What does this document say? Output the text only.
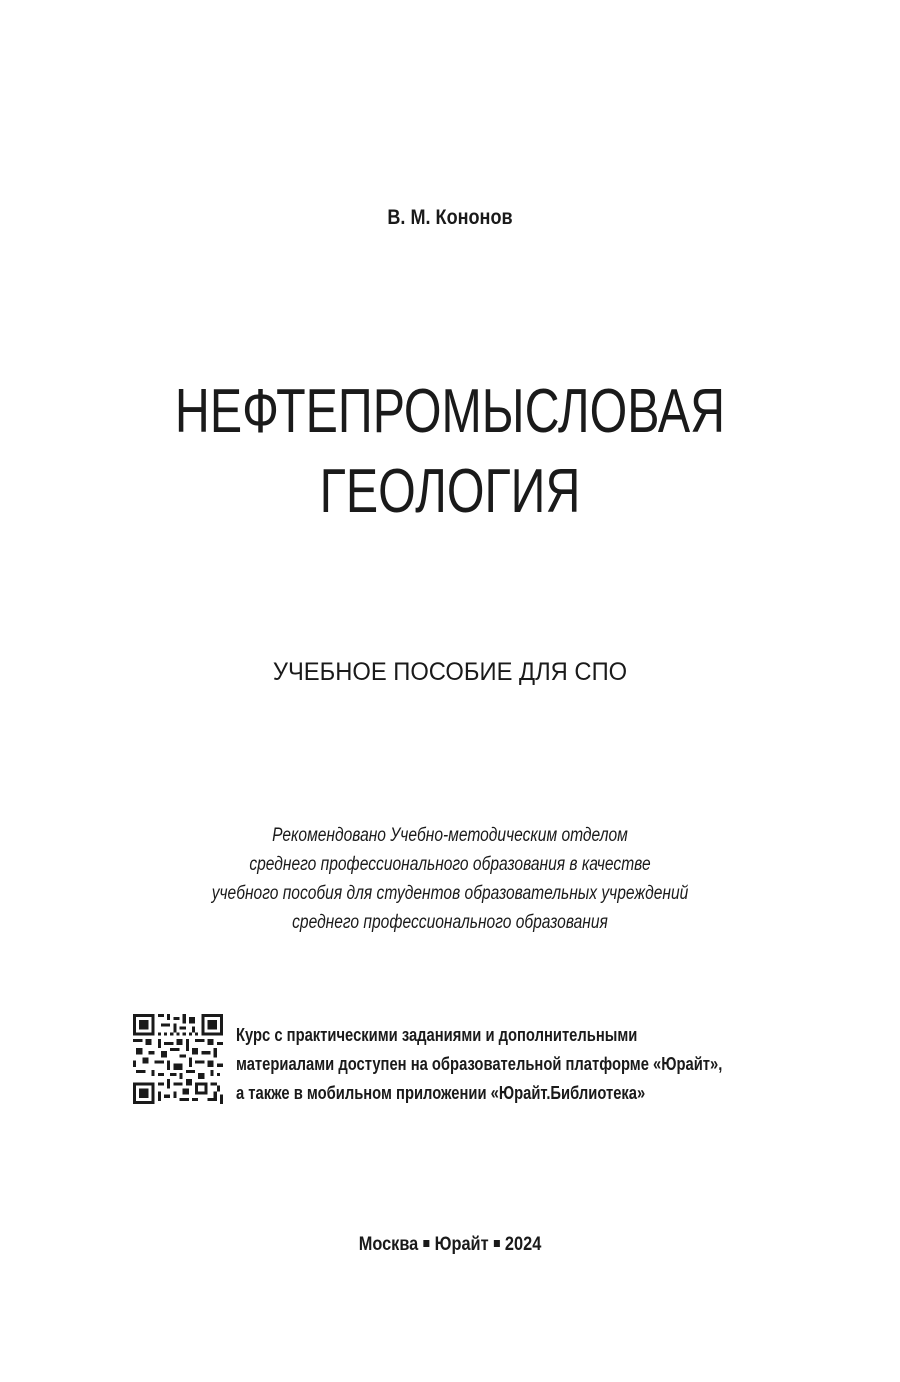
В. М. Кононов
НЕФТЕПРОМЫСЛОВАЯ
ГЕОЛОГИЯ
УЧЕБНОЕ ПОСОБИЕ ДЛЯ СПО
Рекомендовано Учебно-методическим отделом
среднего профессионального образования в качестве
учебного пособия для студентов образовательных учреждений
среднего профессионального образования
Курс с практическими заданиями и дополнительными
материалами доступен на образовательной платформе «Юрайт»,
а также в мобильном приложении «Юрайт.Библиотека»
Москва Юрайт 2024
